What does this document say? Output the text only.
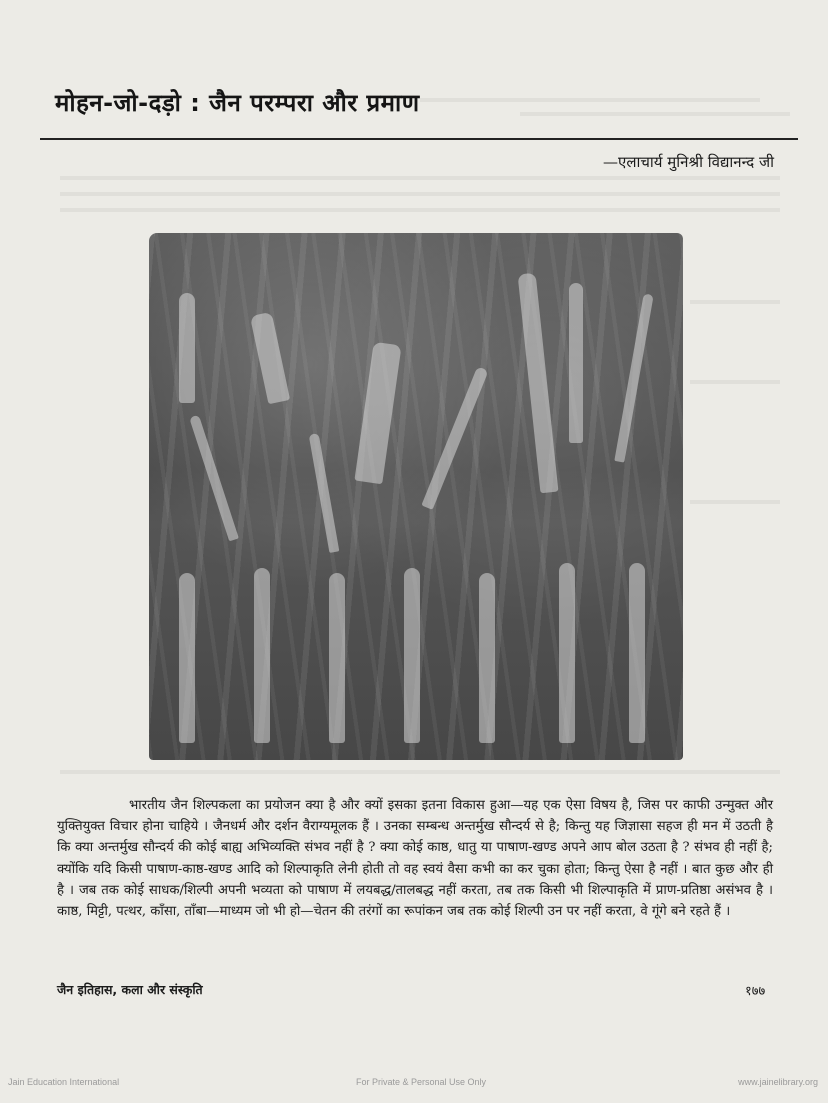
मोहन-जो-दड़ो : जैन परम्परा और प्रमाण
—एलाचार्य मुनिश्री विद्यानन्द जी

भारतीय जैन शिल्पकला का प्रयोजन क्या है और क्यों इसका इतना विकास हुआ—यह एक ऐसा विषय है, जिस पर काफी उन्मुक्त और युक्तियुक्त विचार होना चाहिये । जैनधर्म और दर्शन वैराग्यमूलक हैं । उनका सम्बन्ध अन्तर्मुख सौन्दर्य से है; किन्तु यह जिज्ञासा सहज ही मन में उठती है कि क्या अन्तर्मुख सौन्दर्य की कोई बाह्य अभिव्यक्ति संभव नहीं है ? क्या कोई काष्ठ, धातु या पाषाण-खण्ड अपने आप बोल उठता है ? संभव ही नहीं है; क्योंकि यदि किसी पाषाण-काष्ठ-खण्ड आदि को शिल्पाकृति लेनी होती तो वह स्वयं वैसा कभी का कर चुका होता; किन्तु ऐसा है नहीं । बात कुछ और ही है । जब तक कोई साधक/शिल्पी अपनी भव्यता को पाषाण में लयबद्ध/तालबद्ध नहीं करता, तब तक किसी भी शिल्पाकृति में प्राण-प्रतिष्ठा असंभव है । काष्ठ, मिट्टी, पत्थर, काँसा, ताँबा—माध्यम जो भी हो—चेतन की तरंगों का रूपांकन जब तक कोई शिल्पी उन पर नहीं करता, वे गूंगे बने रहते हैं ।

जैन इतिहास, कला और संस्कृति	१७७
Jain Education International	For Private & Personal Use Only	www.jainelibrary.org
